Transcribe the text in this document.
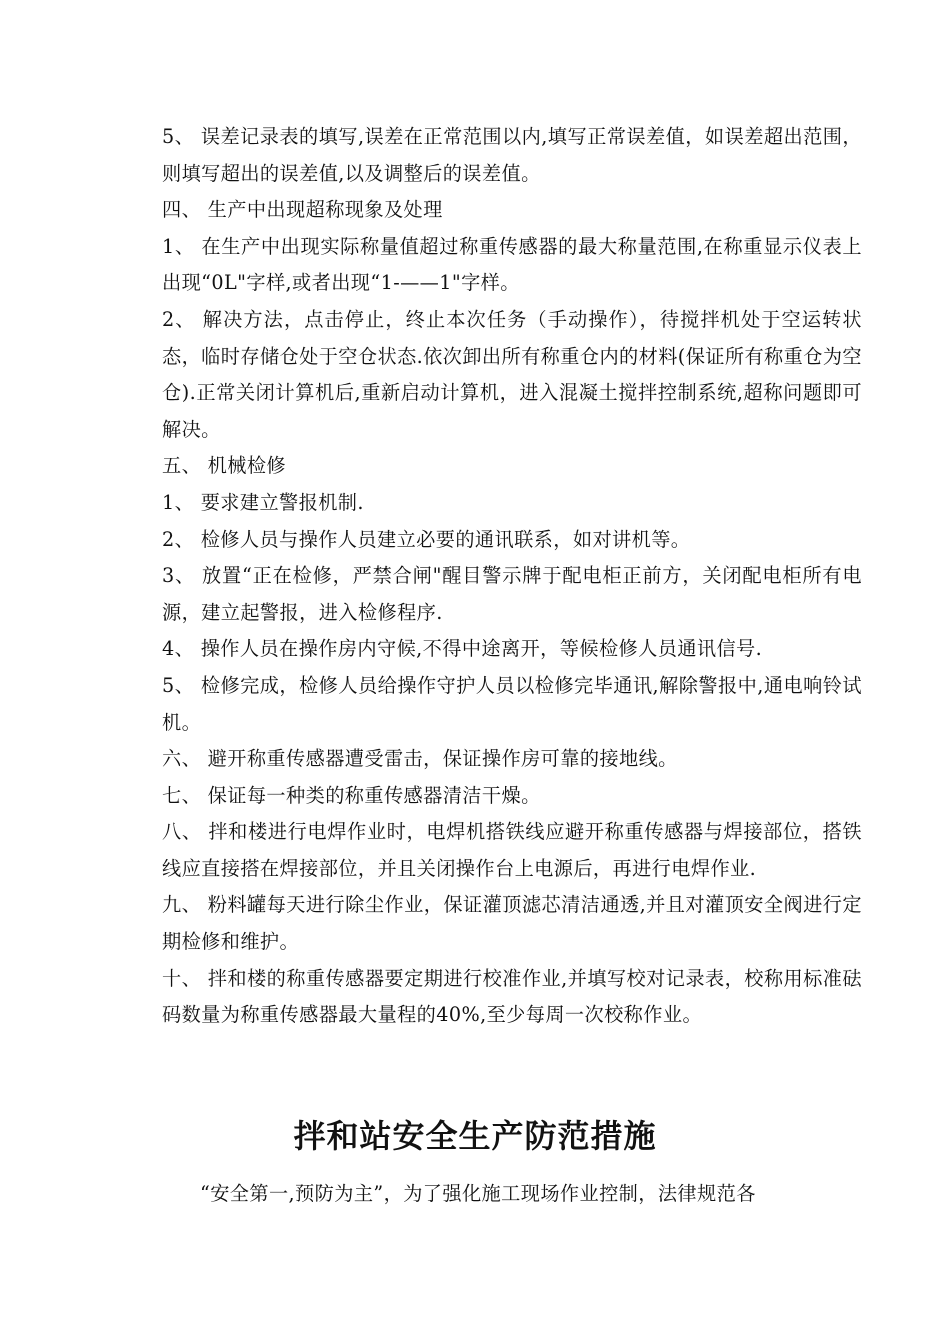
5、 误差记录表的填写,误差在正常范围以内,填写正常误差值，如误差超出范围，则填写超出的误差值,以及调整后的误差值。

四、 生产中出现超称现象及处理

1、 在生产中出现实际称量值超过称重传感器的最大称量范围,在称重显示仪表上出现“0L"字样,或者出现“1-——1"字样。

2、 解决方法，点击停止，终止本次任务（手动操作），待搅拌机处于空运转状态，临时存储仓处于空仓状态.依次卸出所有称重仓内的材料(保证所有称重仓为空仓).正常关闭计算机后,重新启动计算机，进入混凝土搅拌控制系统,超称问题即可解决。

五、 机械检修

1、 要求建立警报机制.

2、 检修人员与操作人员建立必要的通讯联系，如对讲机等。

3、 放置“正在检修，严禁合闸"醒目警示牌于配电柜正前方，关闭配电柜所有电源，建立起警报，进入检修程序.

4、 操作人员在操作房内守候,不得中途离开，等候检修人员通讯信号.

5、 检修完成，检修人员给操作守护人员以检修完毕通讯,解除警报中,通电响铃试机。

六、 避开称重传感器遭受雷击，保证操作房可靠的接地线。

七、 保证每一种类的称重传感器清洁干燥。

八、 拌和楼进行电焊作业时，电焊机搭铁线应避开称重传感器与焊接部位，搭铁线应直接搭在焊接部位，并且关闭操作台上电源后，再进行电焊作业.

九、 粉料罐每天进行除尘作业，保证灌顶滤芯清洁通透,并且对灌顶安全阀进行定期检修和维护。

十、 拌和楼的称重传感器要定期进行校准作业,并填写校对记录表，校称用标准砝码数量为称重传感器最大量程的40%,至少每周一次校称作业。

拌和站安全生产防范措施

“安全第一,预防为主”，为了强化施工现场作业控制，法律规范各
